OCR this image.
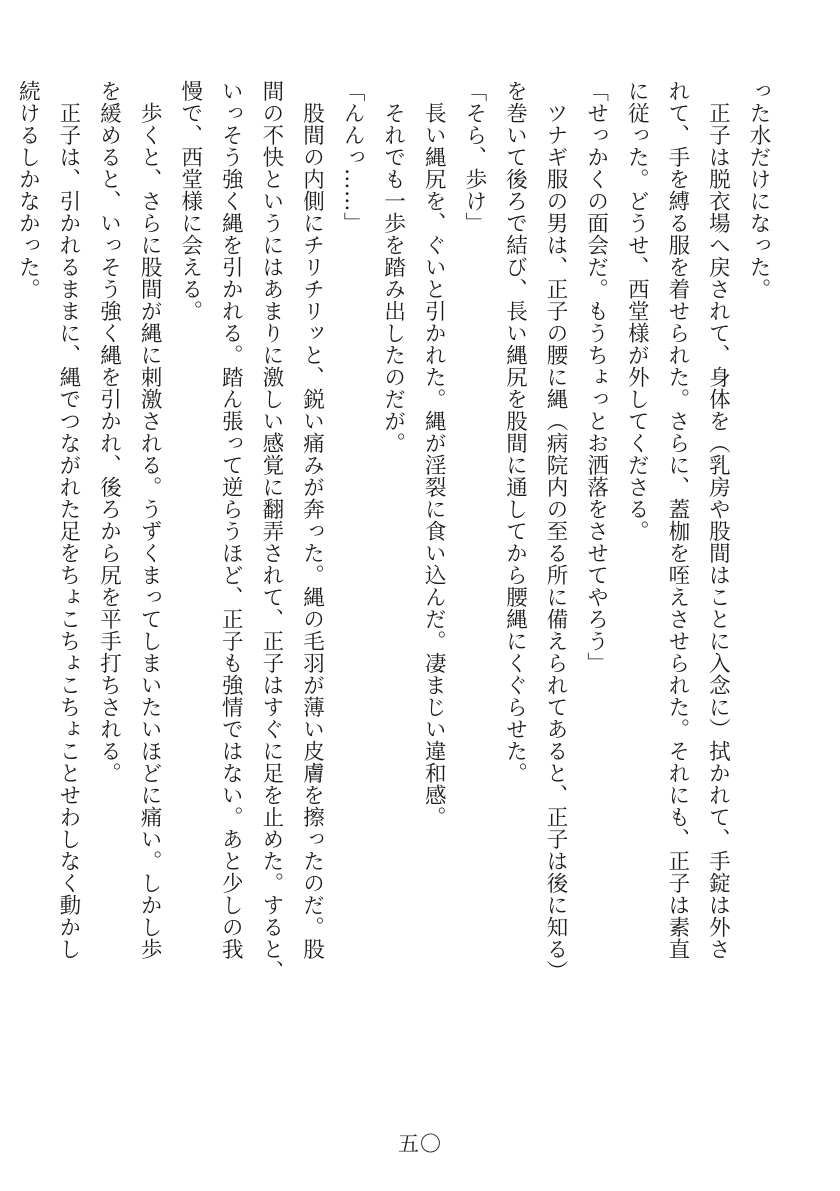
った水だけになった。

　正子は脱衣場へ戻されて、身体を（乳房や股間はことに入念に）拭かれて、手錠は外さ

れて、手を縛る服を着せられた。さらに、蓋枷を咥えさせられた。それにも、正子は素直

に従った。どうせ、西堂様が外してくださる。

「せっかくの面会だ。もうちょっとお洒落をさせてやろう」

　ツナギ服の男は、正子の腰に縄（病院内の至る所に備えられてあると、正子は後に知る）

を巻いて後ろで結び、長い縄尻を股間に通してから腰縄にくぐらせた。

「そら、歩け」

　長い縄尻を、ぐいと引かれた。縄が淫裂に食い込んだ。凄まじい違和感。

　それでも一歩を踏み出したのだが。

「んんっ……」

　股間の内側にチリチリッと、鋭い痛みが奔った。縄の毛羽が薄い皮膚を擦ったのだ。股

間の不快というにはあまりに激しい感覚に翻弄されて、正子はすぐに足を止めた。すると、

いっそう強く縄を引かれる。踏ん張って逆らうほど、正子も強情ではない。あと少しの我

慢で、西堂様に会える。

　歩くと、さらに股間が縄に刺激される。うずくまってしまいたいほどに痛い。しかし歩

を緩めると、いっそう強く縄を引かれ、後ろから尻を平手打ちされる。

　正子は、引かれるままに、縄でつながれた足をちょこちょこちょことせわしなく動かし

続けるしかなかった。

五〇
